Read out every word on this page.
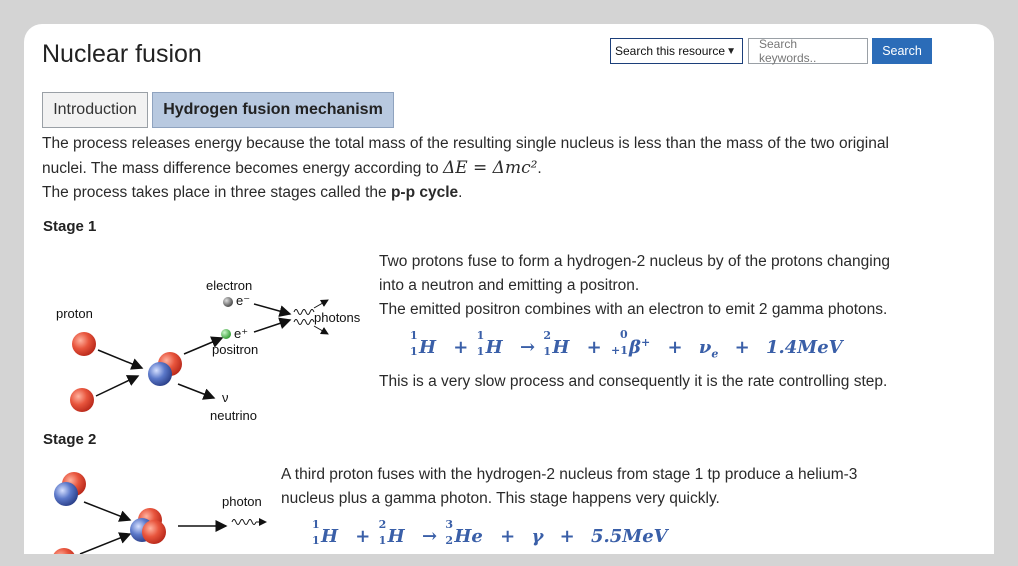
Nuclear fusion	Search this resource ▼ Search keywords..	Search
Introduction	Hydrogen fusion mechanism
The process releases energy because the total mass of the resulting single nucleus is less than the mass of the two original
nuclei. The mass difference becomes energy according to ΔE = Δmc².
The process takes place in three stages called the p-p cycle.
Stage 1
proton
electron
e⁻
e⁺
positron
photons
ν
neutrino
Two protons fuse to form a hydrogen-2 nucleus by of the protons changing
into a neutron and emitting a positron.
The emitted positron combines with an electron to emit 2 gamma photons.
H
1
1 + H
1
1 → H
2
1 + β+
0
$+1 + \nu_e + 1.4MeV$
This is a very slow process and consequently it is the rate controlling step.
Stage 2
photon
A third proton fuses with the hydrogen-2 nucleus from stage 1 tp produce a helium-3
nucleus plus a gamma photon. This stage happens very quickly.
H
1
1 + H
2
1 → He
3
2	+ γ + 5.5MeV
